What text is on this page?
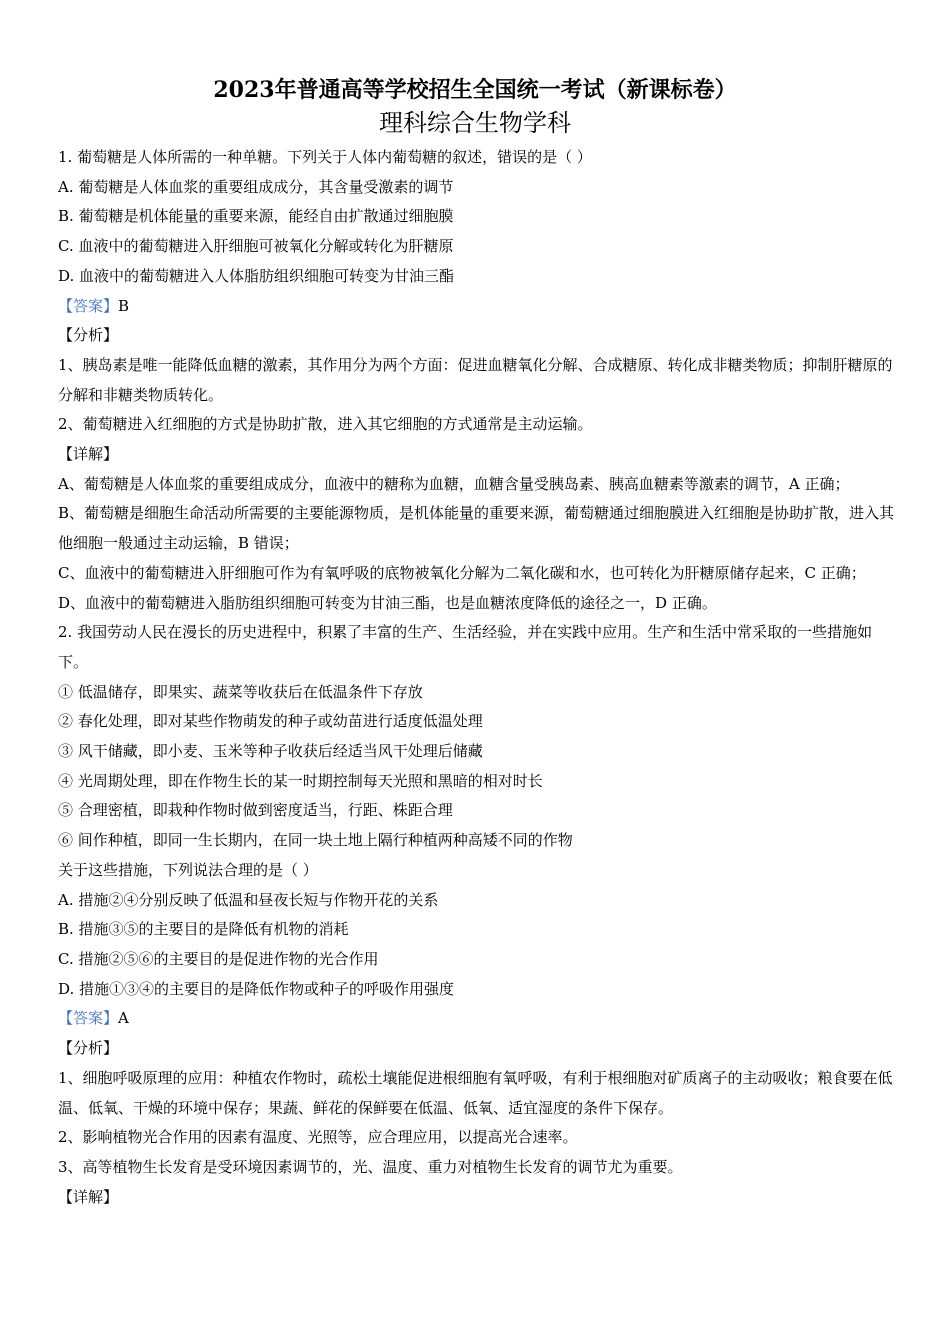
2023年普通高等学校招生全国统一考试（新课标卷）
理科综合生物学科

1. 葡萄糖是人体所需的一种单糖。下列关于人体内葡萄糖的叙述，错误的是（ ）

A. 葡萄糖是人体血浆的重要组成成分，其含量受激素的调节

B. 葡萄糖是机体能量的重要来源，能经自由扩散通过细胞膜

C. 血液中的葡萄糖进入肝细胞可被氧化分解或转化为肝糖原

D. 血液中的葡萄糖进入人体脂肪组织细胞可转变为甘油三酯

【答案】B

【分析】

1、胰岛素是唯一能降低血糖的激素，其作用分为两个方面：促进血糖氧化分解、合成糖原、转化成非糖类物质；抑制肝糖原的分解和非糖类物质转化。

2、葡萄糖进入红细胞的方式是协助扩散，进入其它细胞的方式通常是主动运输。

【详解】

A、葡萄糖是人体血浆的重要组成成分，血液中的糖称为血糖，血糖含量受胰岛素、胰高血糖素等激素的调节，A 正确；

B、葡萄糖是细胞生命活动所需要的主要能源物质，是机体能量的重要来源，葡萄糖通过细胞膜进入红细胞是协助扩散，进入其他细胞一般通过主动运输，B 错误；

C、血液中的葡萄糖进入肝细胞可作为有氧呼吸的底物被氧化分解为二氧化碳和水，也可转化为肝糖原储存起来，C 正确；

D、血液中的葡萄糖进入脂肪组织细胞可转变为甘油三酯，也是血糖浓度降低的途径之一，D 正确。

2. 我国劳动人民在漫长的历史进程中，积累了丰富的生产、生活经验，并在实践中应用。生产和生活中常采取的一些措施如下。

① 低温储存，即果实、蔬菜等收获后在低温条件下存放

② 春化处理，即对某些作物萌发的种子或幼苗进行适度低温处理

③ 风干储藏，即小麦、玉米等种子收获后经适当风干处理后储藏

④ 光周期处理，即在作物生长的某一时期控制每天光照和黑暗的相对时长

⑤ 合理密植，即栽种作物时做到密度适当，行距、株距合理

⑥ 间作种植，即同一生长期内，在同一块土地上隔行种植两种高矮不同的作物

关于这些措施，下列说法合理的是（ ）

A. 措施②④分别反映了低温和昼夜长短与作物开花的关系

B. 措施③⑤的主要目的是降低有机物的消耗

C. 措施②⑤⑥的主要目的是促进作物的光合作用

D. 措施①③④的主要目的是降低作物或种子的呼吸作用强度

【答案】A

【分析】

1、细胞呼吸原理的应用：种植农作物时，疏松土壤能促进根细胞有氧呼吸，有利于根细胞对矿质离子的主动吸收；粮食要在低温、低氧、干燥的环境中保存；果蔬、鲜花的保鲜要在低温、低氧、适宜湿度的条件下保存。

2、影响植物光合作用的因素有温度、光照等，应合理应用，以提高光合速率。

3、高等植物生长发育是受环境因素调节的，光、温度、重力对植物生长发育的调节尤为重要。

【详解】
